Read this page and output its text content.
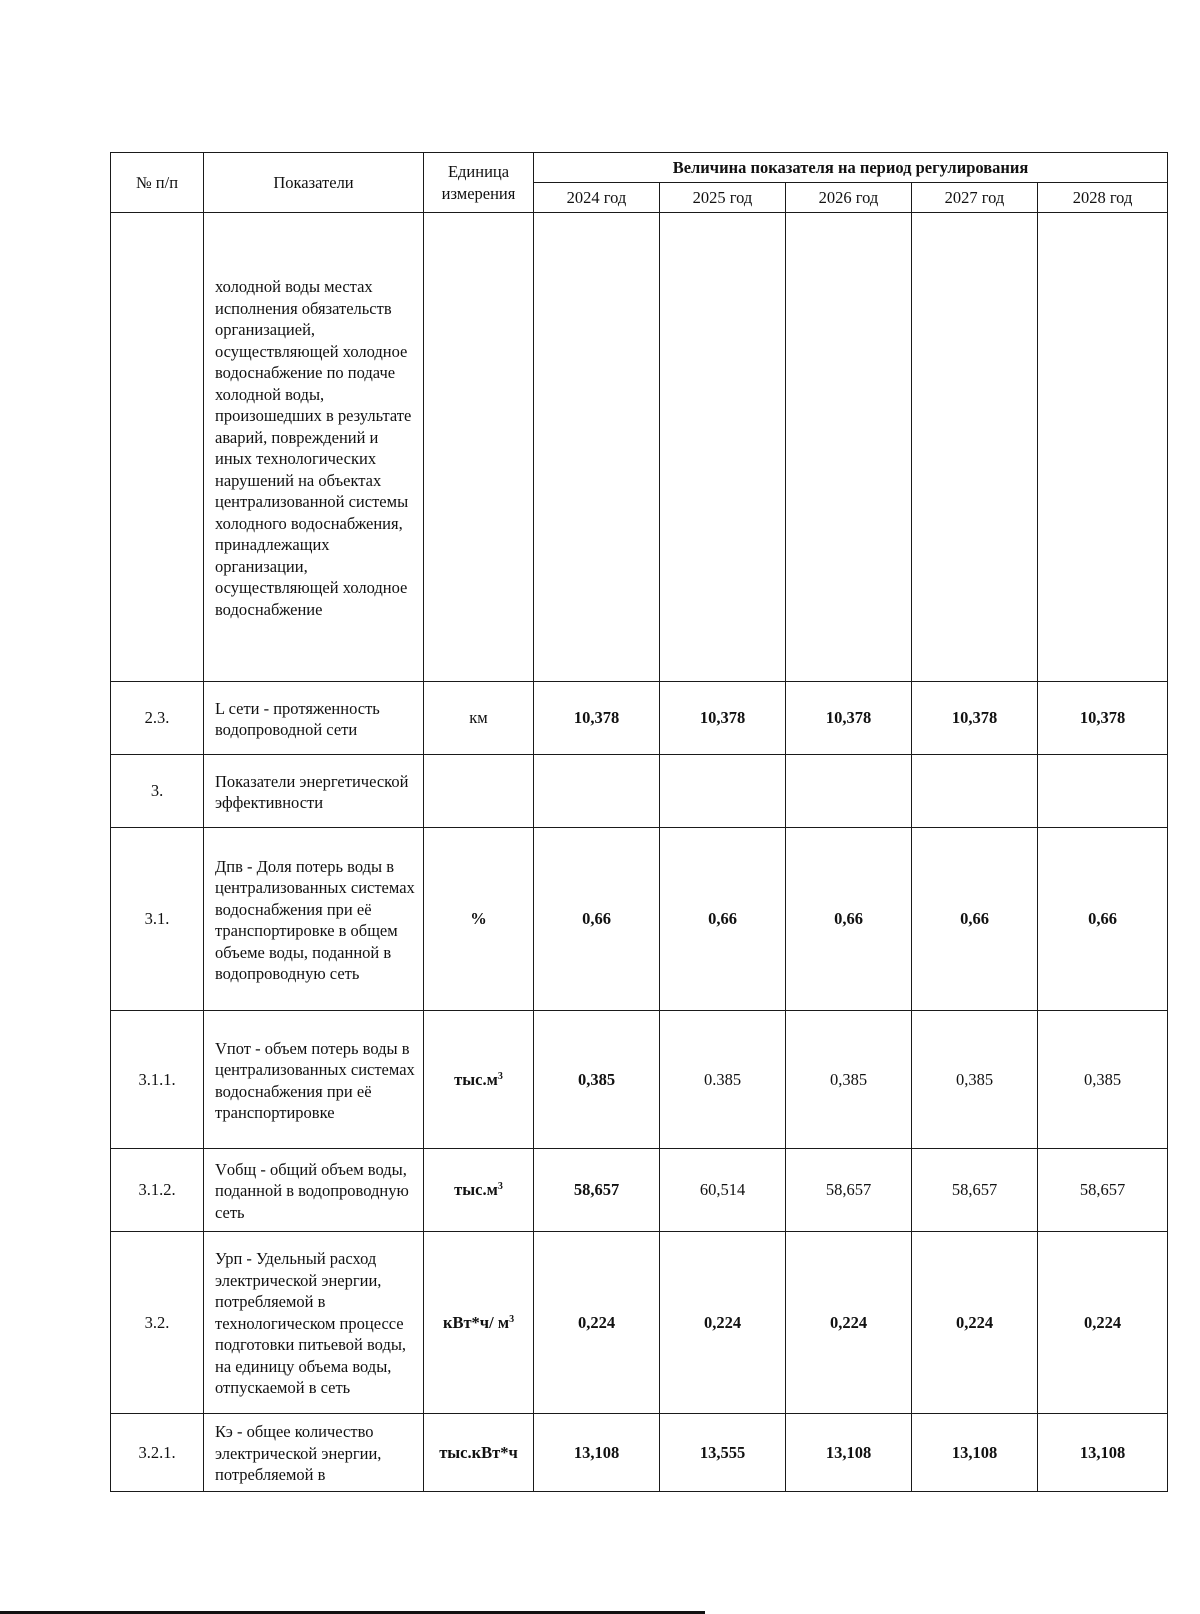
№ п/п	Показатели	Единица измерения	Величина показателя на период регулирования				
			2024 год	2025 год	2026 год	2027 год	2028 год
	холодной воды местах исполнения обязательств организацией, осуществляющей холодное водоснабжение по подаче холодной воды, произошедших в результате аварий, повреждений и иных технологических нарушений на объектах централизованной системы холодного водоснабжения, принадлежащих организации, осуществляющей холодное водоснабжение						
2.3.	L сети - протяженность водопроводной сети	км	10,378	10,378	10,378	10,378	10,378
3.	Показатели энергетической эффективности						
3.1.	Дпв - Доля потерь воды в централизованных системах водоснабжения при её транспортировке в общем объеме воды, поданной в водопроводную сеть	%	0,66	0,66	0,66	0,66	0,66
3.1.1.	Vпот - объем потерь воды в централизованных системах водоснабжения при её транспортировке	$тыс.м^3$	0,385	0.385	0,385	0,385	0,385
3.1.2.	Vобщ - общий объем воды, поданной в водопроводную сеть	$тыс.м^3$	58,657	60,514	58,657	58,657	58,657
3.2.	Урп - Удельный расход электрической энергии, потребляемой в технологическом процессе подготовки питьевой воды, на единицу объема воды, отпускаемой в сеть	кВт*ч/ $м^3$	0,224	0,224	0,224	0,224	0,224
3.2.1.	Кэ - общее количество электрической энергии, потребляемой в	тыс.кВт*ч	13,108	13,555	13,108	13,108	13,108
